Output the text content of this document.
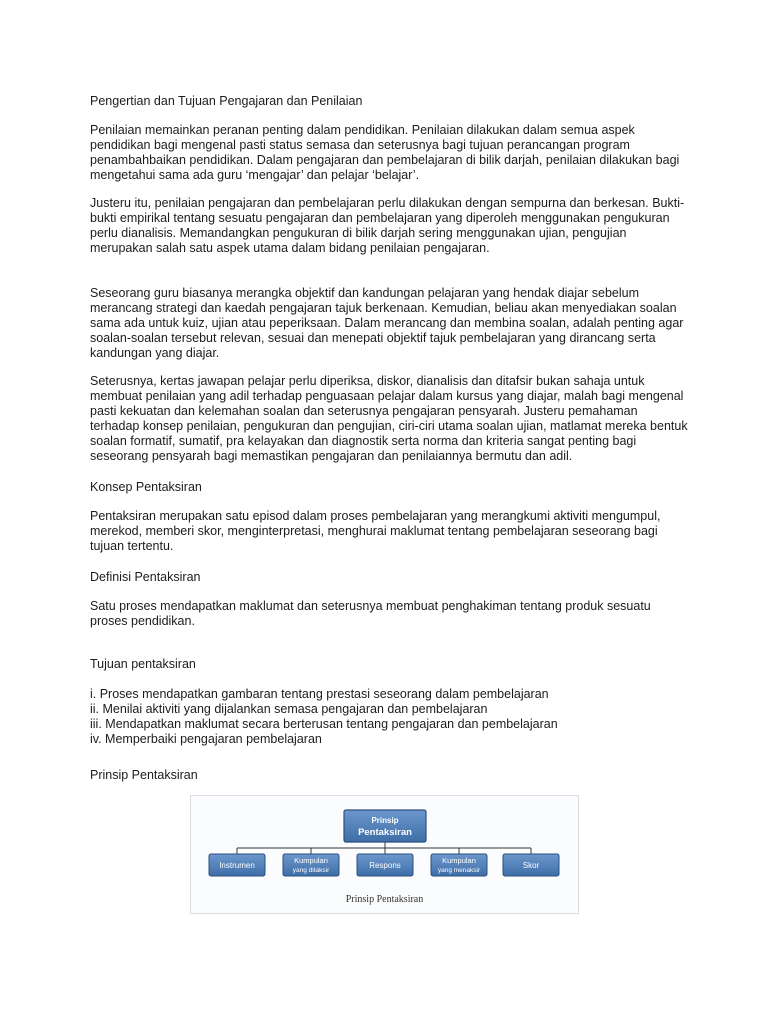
Pengertian dan Tujuan Pengajaran dan Penilaian

Penilaian memainkan peranan penting dalam pendidikan. Penilaian dilakukan dalam semua aspek pendidikan bagi mengenal pasti status semasa dan seterusnya bagi tujuan perancangan program penambahbaikan pendidikan. Dalam pengajaran dan pembelajaran di bilik darjah, penilaian dilakukan bagi mengetahui sama ada guru ‘mengajar’ dan pelajar ‘belajar’.

Justeru itu, penilaian pengajaran dan pembelajaran perlu dilakukan dengan sempurna dan berkesan. Bukti-bukti empirikal tentang sesuatu pengajaran dan pembelajaran yang diperoleh menggunakan pengukuran perlu dianalisis. Memandangkan pengukuran di bilik darjah sering menggunakan ujian, pengujian merupakan salah satu aspek utama dalam bidang penilaian pengajaran.

Seseorang guru biasanya merangka objektif dan kandungan pelajaran yang hendak diajar sebelum merancang strategi dan kaedah pengajaran tajuk berkenaan. Kemudian, beliau akan menyediakan soalan sama ada untuk kuiz, ujian atau peperiksaan. Dalam merancang dan membina soalan, adalah penting agar soalan-soalan tersebut relevan, sesuai dan menepati objektif tajuk pembelajaran yang dirancang serta kandungan yang diajar.

Seterusnya, kertas jawapan pelajar perlu diperiksa, diskor, dianalisis dan ditafsir bukan sahaja untuk membuat penilaian yang adil terhadap penguasaan pelajar dalam kursus yang diajar, malah bagi mengenal pasti kekuatan dan kelemahan soalan dan seterusnya pengajaran pensyarah. Justeru pemahaman terhadap konsep penilaian, pengukuran dan pengujian, ciri-ciri utama soalan ujian, matlamat mereka bentuk soalan formatif, sumatif, pra kelayakan dan diagnostik serta norma dan kriteria sangat penting bagi seseorang pensyarah bagi memastikan pengajaran dan penilaiannya bermutu dan adil.

Konsep Pentaksiran

Pentaksiran merupakan satu episod dalam proses pembelajaran yang merangkumi aktiviti mengumpul, merekod, memberi skor, menginterpretasi, menghurai maklumat tentang pembelajaran seseorang bagi tujuan tertentu.

Definisi Pentaksiran

Satu proses mendapatkan maklumat dan seterusnya membuat penghakiman tentang produk sesuatu proses pendidikan.

Tujuan pentaksiran

i. Proses mendapatkan gambaran tentang prestasi seseorang dalam pembelajaran
ii. Menilai aktiviti yang dijalankan semasa pengajaran dan pembelajaran
iii. Mendapatkan maklumat secara berterusan tentang pengajaran dan pembelajaran
iv. Memperbaiki pengajaran pembelajaran

Prinsip Pentaksiran

Prinsip
Pentaksiran
Instrumen
Kumpulan
yang ditaksir
Respons
Kumpulan
yang menaksir
Skor
Prinsip Pentaksiran
